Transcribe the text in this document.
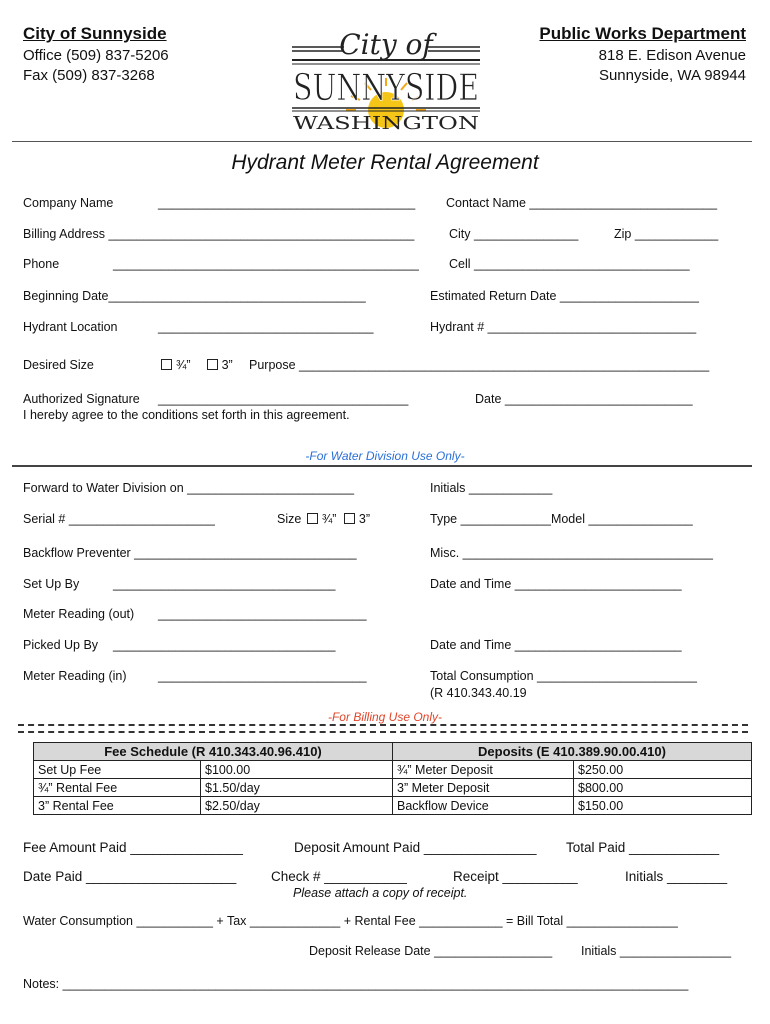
City of Sunnyside
Office (509) 837-5206
Fax (509) 837-3268
City of
SUNNYSIDE
WASHINGTON
Public Works Department
818 E. Edison Avenue
Sunnyside, WA 98944
Hydrant Meter Rental Agreement
Company Name	_____________________________________ Contact Name ___________________________
Billing Address ____________________________________________	City _______________	Zip ____________
Phone	____________________________________________ Cell _______________________________
Beginning Date_____________________________________	Estimated Return Date ____________________
Hydrant Location	_______________________________	Hydrant # ______________________________
Desired Size	¾” 3” Purpose ___________________________________________________________
Authorized Signature ____________________________________	Date ___________________________
I hereby agree to the conditions set forth in this agreement.
-For Water Division Use Only-
Forward to Water Division on ________________________	Initials ____________
Serial # _____________________	Size ¾” 3”	Type _____________Model _______________
Backflow Preventer ________________________________	Misc. ____________________________________
Set Up By	________________________________	Date and Time ________________________
Meter Reading (out) ______________________________
Picked Up By ________________________________	Date and Time ________________________
Meter Reading (in)	______________________________	Total Consumption _______________________
(R 410.343.40.19
-For Billing Use Only-
Fee Schedule (R 410.343.40.96.410)		Deposits (E 410.389.90.00.410)	
Set Up Fee	$100.00	¾” Meter Deposit	$250.00
¾” Rental Fee	$1.50/day	3” Meter Deposit	$800.00
3” Rental Fee	$2.50/day	Backflow Device	$150.00
Fee Amount Paid _______________	Deposit Amount Paid _______________ Total Paid ____________
Date Paid ____________________	Check # ___________	Receipt __________	Initials ________
Please attach a copy of receipt.
Water Consumption ___________ + Tax _____________ + Rental Fee ____________ = Bill Total ________________
Deposit Release Date _________________ Initials ________________
Notes: __________________________________________________________________________________________
